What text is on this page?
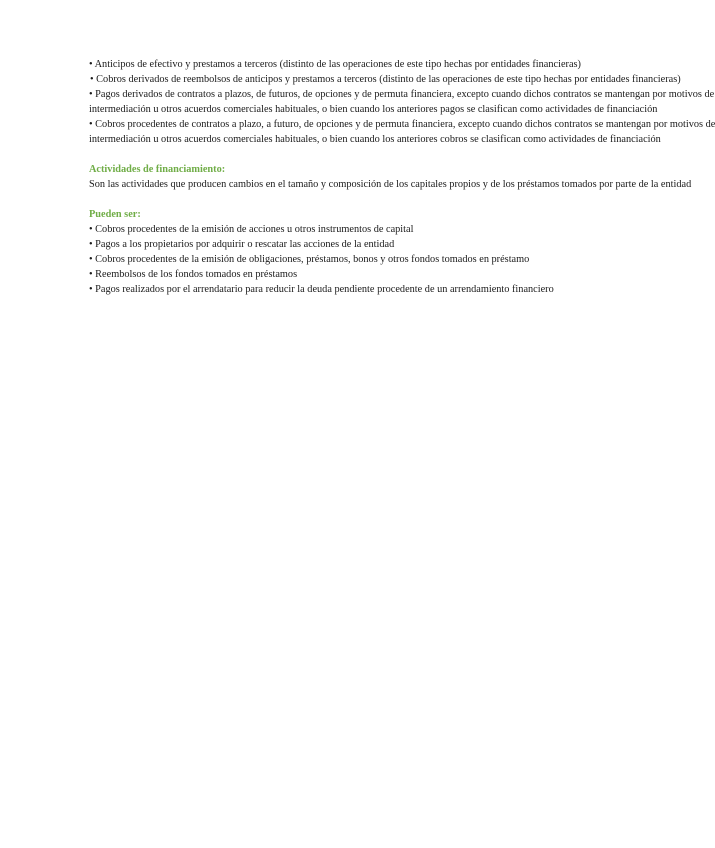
• Anticipos de efectivo y prestamos a terceros (distinto de las operaciones de este tipo hechas por entidades financieras)
• Cobros derivados de reembolsos de anticipos y prestamos a terceros (distinto de las operaciones de este tipo hechas por entidades financieras)
• Pagos derivados de contratos a plazos, de futuros, de opciones y de permuta financiera, excepto cuando dichos contratos se mantengan por motivos de
intermediación u otros acuerdos comerciales habituales, o bien cuando los anteriores pagos se clasifican como actividades de financiación
• Cobros procedentes de contratos a plazo, a futuro, de opciones y de permuta financiera, excepto cuando dichos contratos se mantengan por motivos de
intermediación u otros acuerdos comerciales habituales, o bien cuando los anteriores cobros se clasifican como actividades de financiación
Actividades de financiamiento:
Son las actividades que producen cambios en el tamaño y composición de los capitales propios y de los préstamos tomados por parte de la entidad
Pueden ser:
• Cobros procedentes de la emisión de acciones u otros instrumentos de capital
• Pagos a los propietarios por adquirir o rescatar las acciones de la entidad
• Cobros procedentes de la emisión de obligaciones, préstamos, bonos y otros fondos tomados en préstamo
• Reembolsos de los fondos tomados en préstamos
• Pagos realizados por el arrendatario para reducir la deuda pendiente procedente de un arrendamiento financiero
